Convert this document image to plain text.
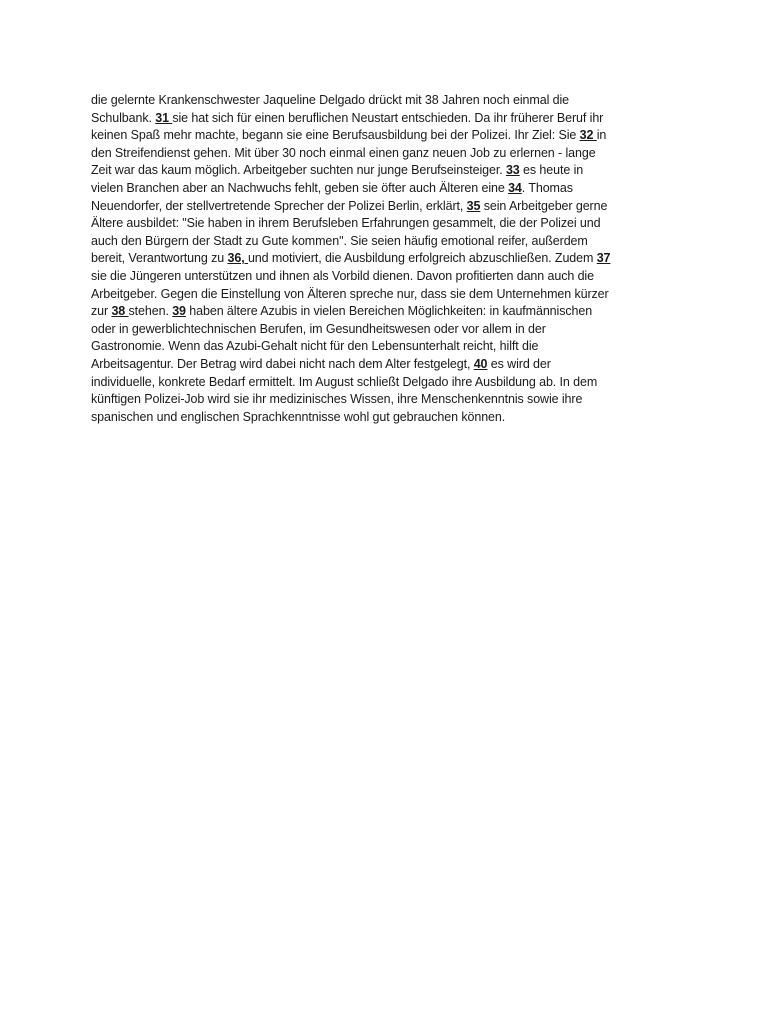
die gelernte Krankenschwester Jaqueline Delgado drückt mit 38 Jahren noch einmal die
Schulbank. 31 sie hat sich für einen beruflichen Neustart entschieden. Da ihr früherer Beruf ihr
keinen Spaß mehr machte, begann sie eine Berufsausbildung bei der Polizei. Ihr Ziel: Sie 32 in
den Streifendienst gehen. Mit über 30 noch einmal einen ganz neuen Job zu erlernen - lange
Zeit war das kaum möglich. Arbeitgeber suchten nur junge Berufseinsteiger. 33 es heute in
vielen Branchen aber an Nachwuchs fehlt, geben sie öfter auch Älteren eine 34. Thomas
Neuendorfer, der stellvertretende Sprecher der Polizei Berlin, erklärt, 35 sein Arbeitgeber gerne
Ältere ausbildet: "Sie haben in ihrem Berufsleben Erfahrungen gesammelt, die der Polizei und
auch den Bürgern der Stadt zu Gute kommen". Sie seien häufig emotional reifer, außerdem
bereit, Verantwortung zu 36, und motiviert, die Ausbildung erfolgreich abzuschließen. Zudem 37
sie die Jüngeren unterstützen und ihnen als Vorbild dienen. Davon profitierten dann auch die
Arbeitgeber. Gegen die Einstellung von Älteren spreche nur, dass sie dem Unternehmen kürzer
zur 38 stehen. 39 haben ältere Azubis in vielen Bereichen Möglichkeiten: in kaufmännischen
oder in gewerblichtechnischen Berufen, im Gesundheitswesen oder vor allem in der
Gastronomie. Wenn das Azubi-Gehalt nicht für den Lebensunterhalt reicht, hilft die
Arbeitsagentur. Der Betrag wird dabei nicht nach dem Alter festgelegt, 40 es wird der
individuelle, konkrete Bedarf ermittelt. Im August schließt Delgado ihre Ausbildung ab. In dem
künftigen Polizei-Job wird sie ihr medizinisches Wissen, ihre Menschenkenntnis sowie ihre
spanischen und englischen Sprachkenntnisse wohl gut gebrauchen können.
